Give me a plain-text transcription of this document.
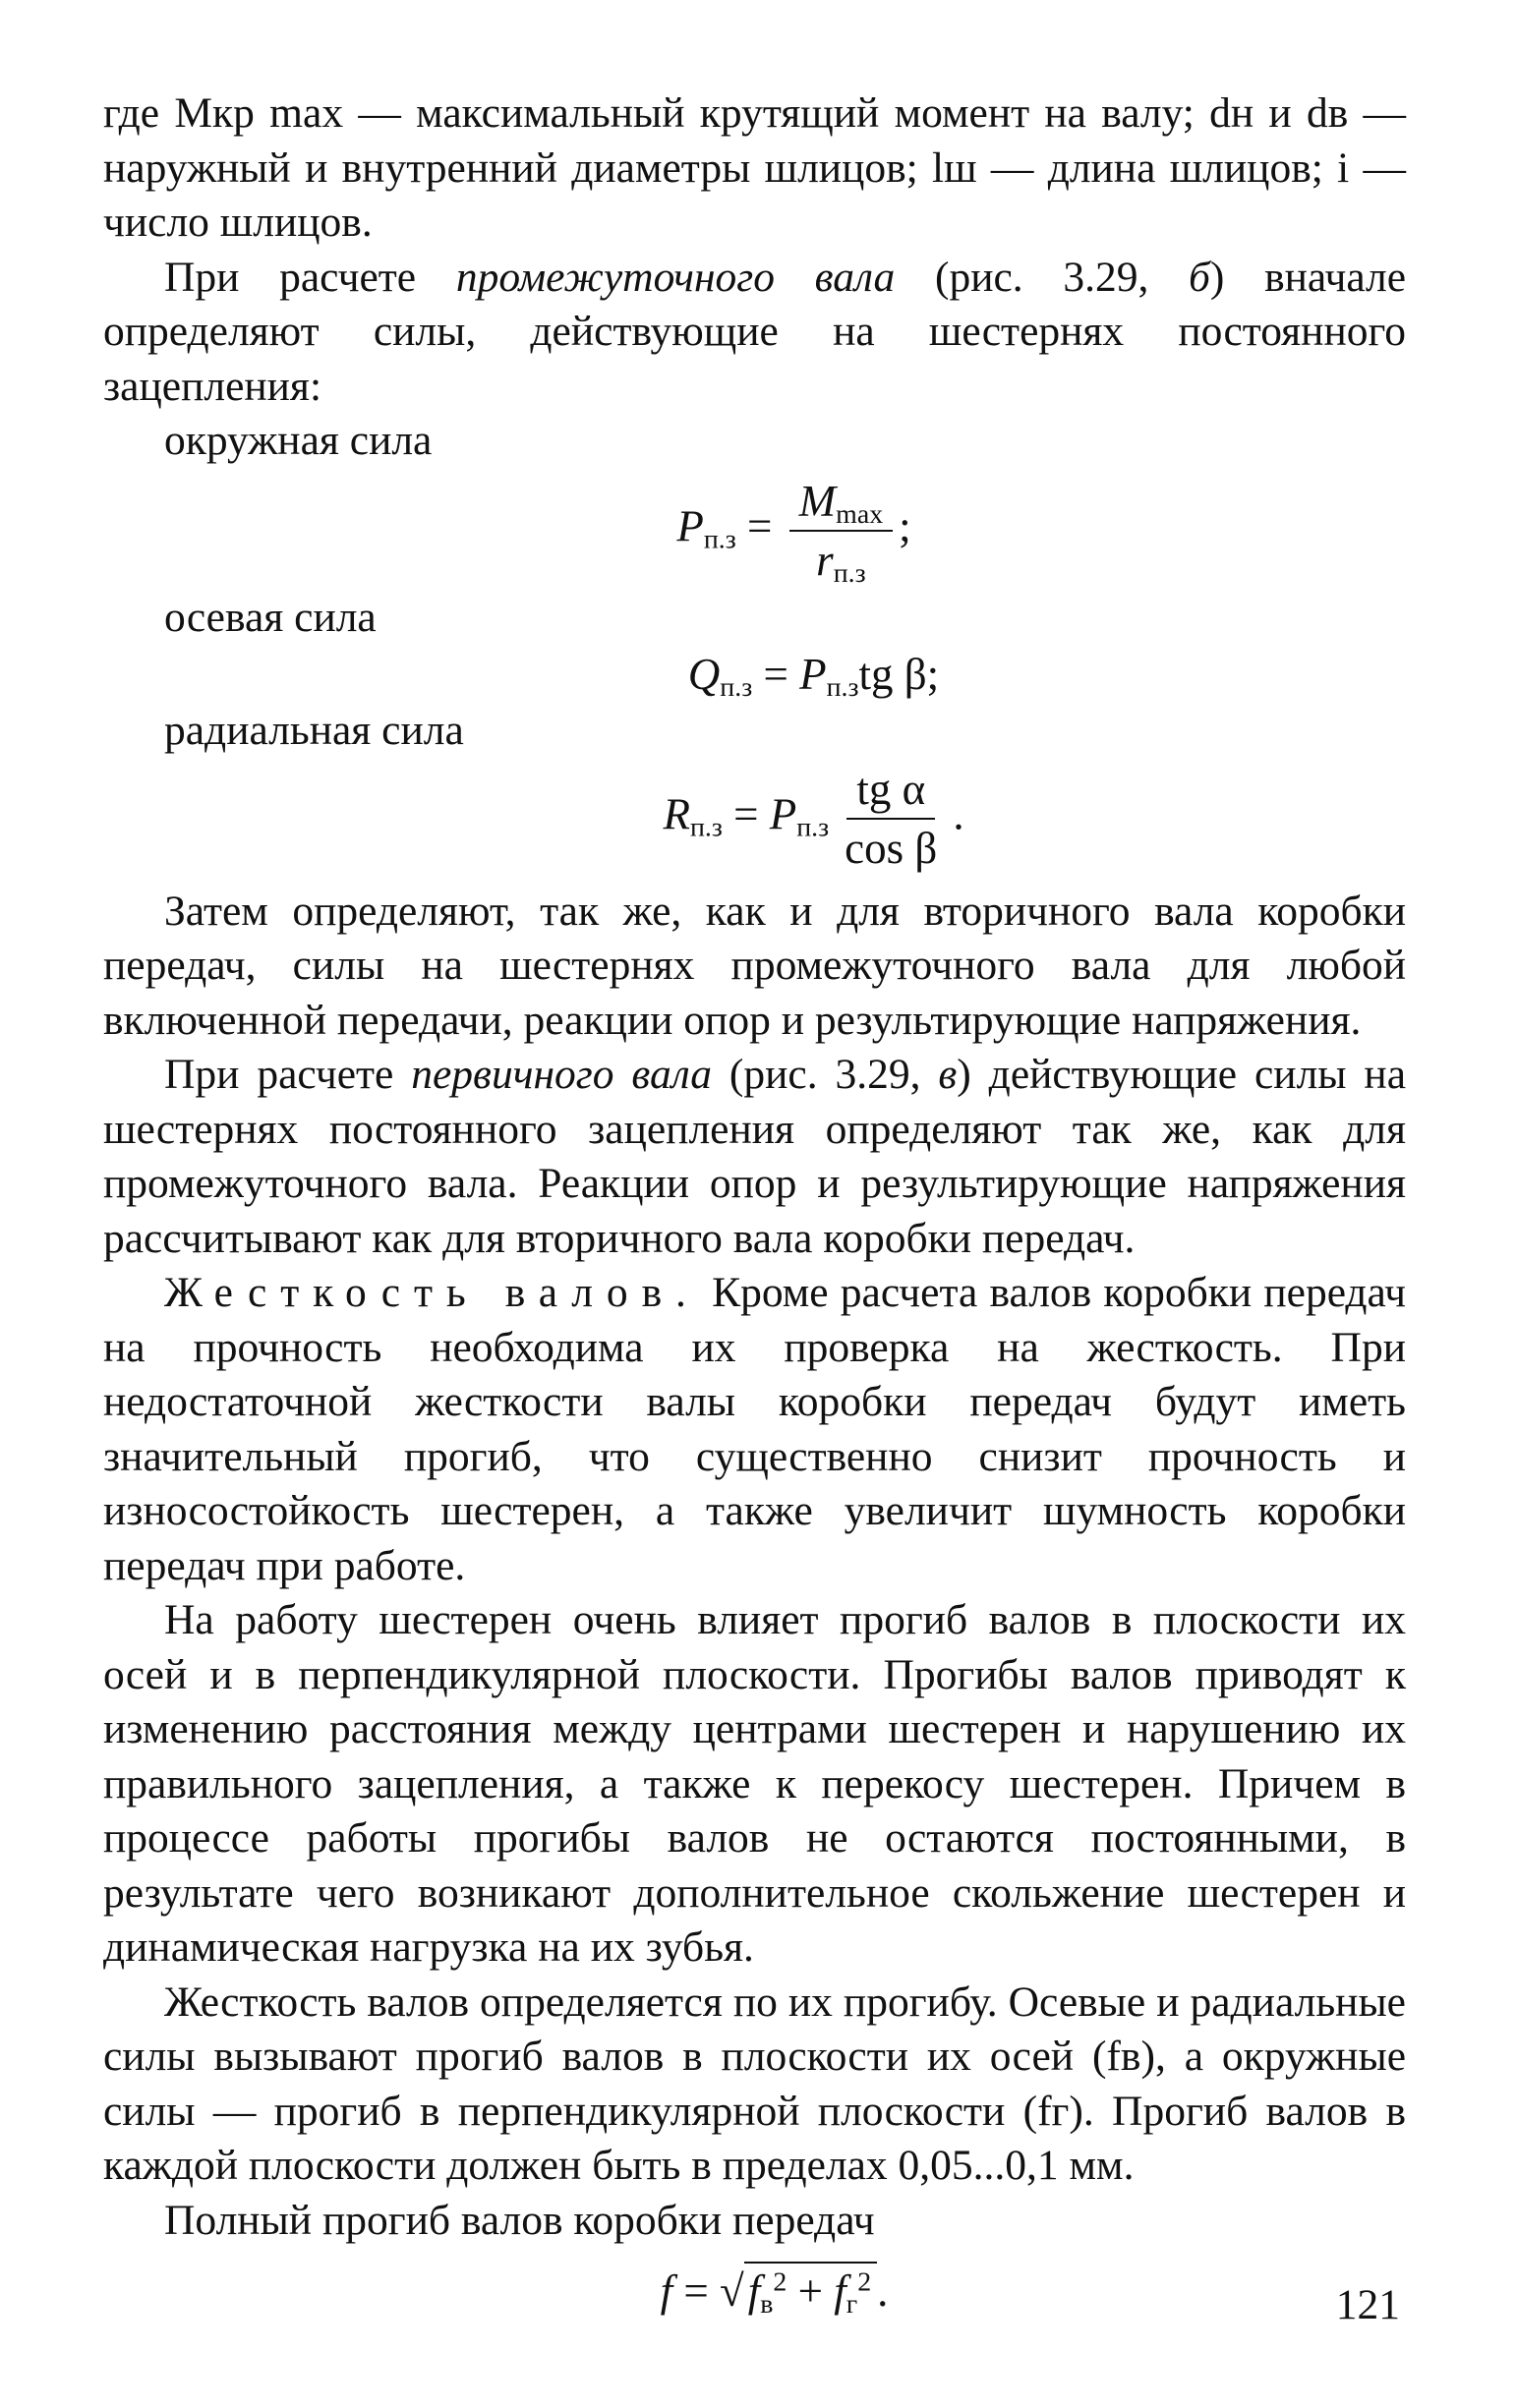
где Mкр max — максимальный крутящий момент на валу; dн и dв — наружный и внутренний диаметры шлицов; lш — длина шлицов; i — число шлицов.

При расчете промежуточного вала (рис. 3.29, б) вначале определяют силы, действующие на шестернях постоянного зацепления:

окружная сила

$P_{п.з} = \frac{M_{max}}{r_{п.з}}$ ;

осевая сила

$Q_{п.з} = P_{п.з}tg$ β;

радиальная сила

$R_{п.з} = P_{п.з} \frac{\text{tg α}}{\text{cos β}}$ .

Затем определяют, так же, как и для вторичного вала коробки передач, силы на шестернях промежуточного вала для любой включенной передачи, реакции опор и результирующие напряжения.

При расчете первичного вала (рис. 3.29, в) действующие силы на шестернях постоянного зацепления определяют так же, как для промежуточного вала. Реакции опор и результирующие напряжения рассчитывают как для вторичного вала коробки передач.

Жесткость валов. Кроме расчета валов коробки передач на прочность необходима их проверка на жесткость. При недостаточной жесткости валы коробки передач будут иметь значительный прогиб, что существенно снизит прочность и износостойкость шестерен, а также увеличит шумность коробки передач при работе.

На работу шестерен очень влияет прогиб валов в плоскости их осей и в перпендикулярной плоскости. Прогибы валов приводят к изменению расстояния между центрами шестерен и нарушению их правильного зацепления, а также к перекосу шестерен. Причем в процессе работы прогибы валов не остаются постоянными, в результате чего возникают дополнительное скольжение шестерен и динамическая нагрузка на их зубья.

Жесткость валов определяется по их прогибу. Осевые и радиальные силы вызывают прогиб валов в плоскости их осей (fв), а окружные силы — прогиб в перпендикулярной плоскости (fг). Прогиб валов в каждой плоскости должен быть в пределах 0,05...0,1 мм.

Полный прогиб валов коробки передач

$f = √f_в^2 + f_г^2$ .	121
